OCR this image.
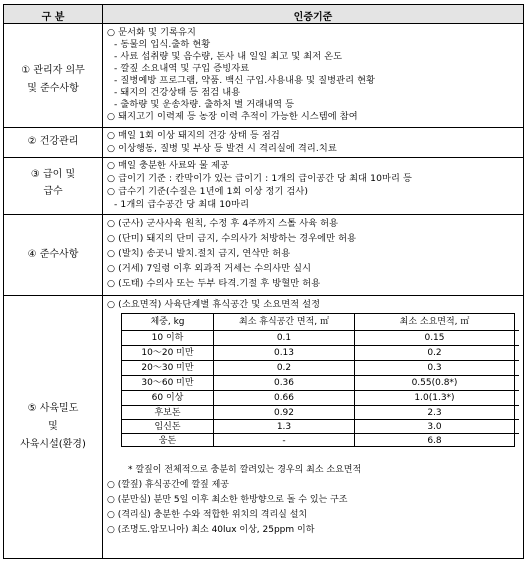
구 분	인증기준
① 관리자 의무
및 준수사항
○ 문서화 및 기록유지
- 동물의 입식.출하 현황
- 사료 섭취량 및 음수량, 돈사 내 일일 최고 및 최저 온도
- 깔짚 소요내역 및 구입 증빙자료
- 질병예방 프로그램, 약품. 백신 구입.사용내용 및 질병관리 현황
- 돼지의 건강상태 등 점검 내용
- 출하량 및 운송차량. 출하처 별 거래내역 등
○ 돼지고기 이력제 등 농장 이력 추적이 가능한 시스템에 참여
② 건강관리
○ 매일 1회 이상 돼지의 건강 상태 등 점검
○ 이상행동, 질병 및 부상 등 발견 시 격리실에 격리.치료
③ 급이 및
급수
○ 매일 충분한 사료와 물 제공
○ 급이기 기준 : 칸막이가 있는 급이기 : 1개의 급이공간 당 최대 10마리 등
○ 급수기 기준(수질은 1년에 1회 이상 정기 검사)
- 1개의 급수공간 당 최대 10마리
④ 준수사항
○ (군사) 군사사육 원칙, 수정 후 4주까지 스톨 사육 허용
○ (단미) 돼지의 단미 금지, 수의사가 처방하는 경우에만 허용
○ (발치) 송곳니 발치.절치 금지, 연삭만 허용
○ (거세) 7일령 이후 외과적 거세는 수의사만 실시
○ (도태) 수의사 또는 두부 타격.기절 후 방혈만 허용
⑤ 사육밀도
및
사육시설(환경)
○ (소요면적) 사육단계별 휴식공간 및 소요면적 설정
체중, kg	최소 휴식공간 면적, ㎡	최소 소요면적, ㎡
10 이하	0.1	0.15
10～20 미만	0.13	0.2
20～30 미만	0.2	0.3
30～60 미만	0.36	0.55(0.8*)
60 이상	0.66	1.0(1.3*)
후보돈	0.92	2.3
임신돈	1.3	3.0
웅돈	-	6.8
* 깔짚이 전체적으로 충분히 깔려있는 경우의 최소 소요면적
○ (깔짚) 휴식공간에 깔짚 제공
○ (분만실) 분만 5일 이후 최소한 한방향으로 돌 수 있는 구조
○ (격리실) 충분한 수와 적합한 위치의 격리실 설치
○ (조명도.암모니아) 최소 40lux 이상, 25ppm 이하
